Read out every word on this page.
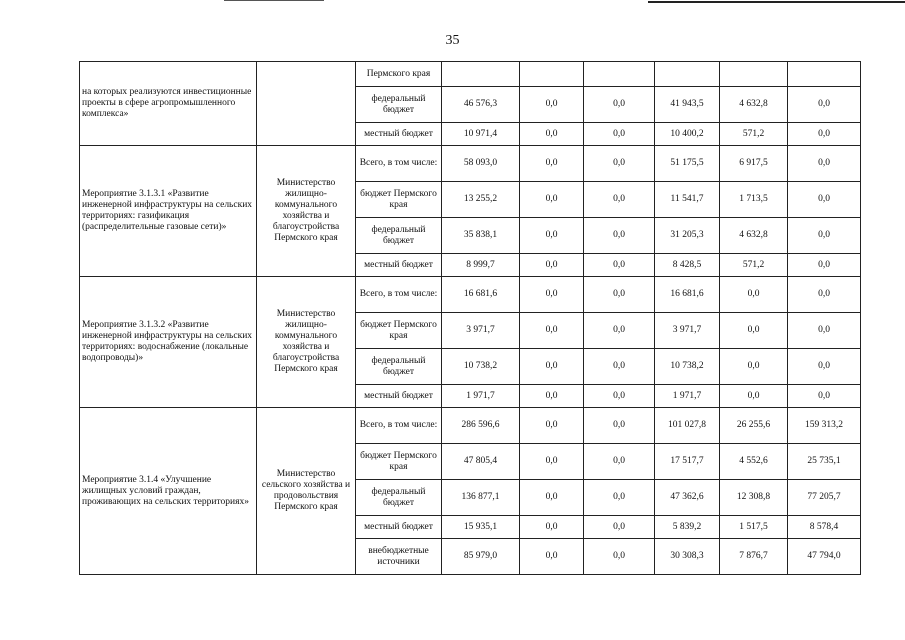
35
на которых реализуются инвестиционные проекты в сфере агропромышленного комплекса»		Пермского края						
		федеральный бюджет	46 576,3	0,0	0,0	41 943,5	4 632,8	0,0
		местный бюджет	10 971,4	0,0	0,0	10 400,2	571,2	0,0
Мероприятие 3.1.3.1 «Развитие инженерной инфраструктуры на сельских территориях: газификация (распределительные газовые сети)»	Министерство жилищно-коммунального хозяйства и благоустройства Пермского края	Всего, в том числе:	58 093,0	0,0	0,0	51 175,5	6 917,5	0,0
		бюджет Пермского края	13 255,2	0,0	0,0	11 541,7	1 713,5	0,0
		федеральный бюджет	35 838,1	0,0	0,0	31 205,3	4 632,8	0,0
		местный бюджет	8 999,7	0,0	0,0	8 428,5	571,2	0,0
Мероприятие 3.1.3.2 «Развитие инженерной инфраструктуры на сельских территориях: водоснабжение (локальные водопроводы)»	Министерство жилищно-коммунального хозяйства и благоустройства Пермского края	Всего, в том числе:	16 681,6	0,0	0,0	16 681,6	0,0	0,0
		бюджет Пермского края	3 971,7	0,0	0,0	3 971,7	0,0	0,0
		федеральный бюджет	10 738,2	0,0	0,0	10 738,2	0,0	0,0
		местный бюджет	1 971,7	0,0	0,0	1 971,7	0,0	0,0
Мероприятие 3.1.4 «Улучшение жилищных условий граждан, проживающих на сельских территориях»	Министерство сельского хозяйства и продовольствия Пермского края	Всего, в том числе:	286 596,6	0,0	0,0	101 027,8	26 255,6	159 313,2
		бюджет Пермского края	47 805,4	0,0	0,0	17 517,7	4 552,6	25 735,1
		федеральный бюджет	136 877,1	0,0	0,0	47 362,6	12 308,8	77 205,7
		местный бюджет	15 935,1	0,0	0,0	5 839,2	1 517,5	8 578,4
		внебюджетные источники	85 979,0	0,0	0,0	30 308,3	7 876,7	47 794,0
